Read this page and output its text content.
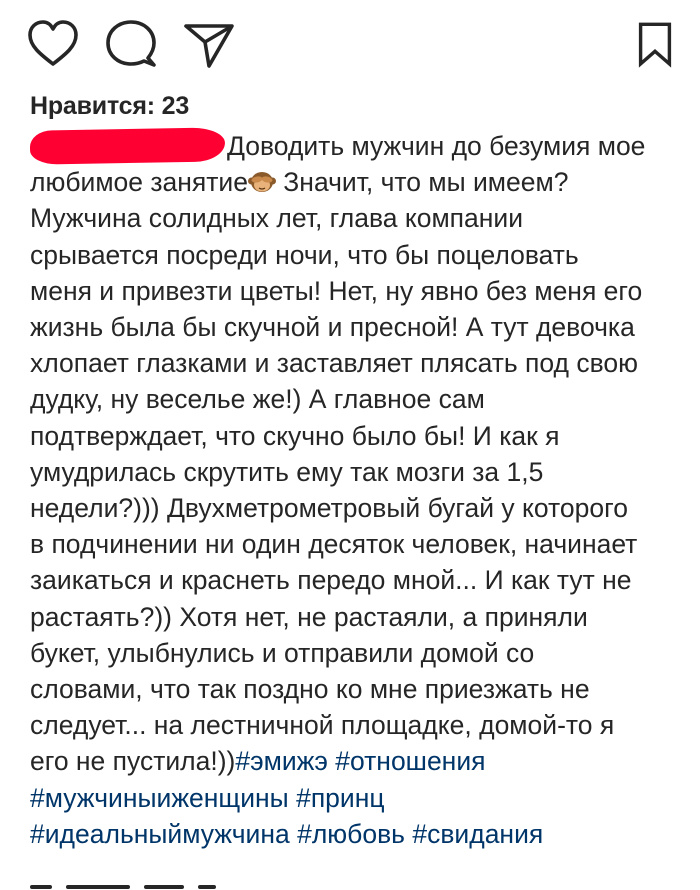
Нравится: 23
Доводить мужчин до безумия мое
любимое занятие Значит, что мы имеем?
Мужчина солидных лет, глава компании
срывается посреди ночи, что бы поцеловать
меня и привезти цветы! Нет, ну явно без меня его
жизнь была бы скучной и пресной! А тут девочка
хлопает глазками и заставляет плясать под свою
дудку, ну веселье же!) А главное сам
подтверждает, что скучно было бы! И как я
умудрилась скрутить ему так мозги за 1,5
недели?))) Двухметрометровый бугай у которого
в подчинении ни один десяток человек, начинает
заикаться и краснеть передо мной... И как тут не
растаять?)) Хотя нет, не растаяли, а приняли
букет, улыбнулись и отправили домой со
словами, что так поздно ко мне приезжать не
следует... на лестничной площадке, домой-то я
его не пустила!))#эмижэ #отношения
#мужчиныиженщины #принц
#идеальныймужчина #любовь #свидания
